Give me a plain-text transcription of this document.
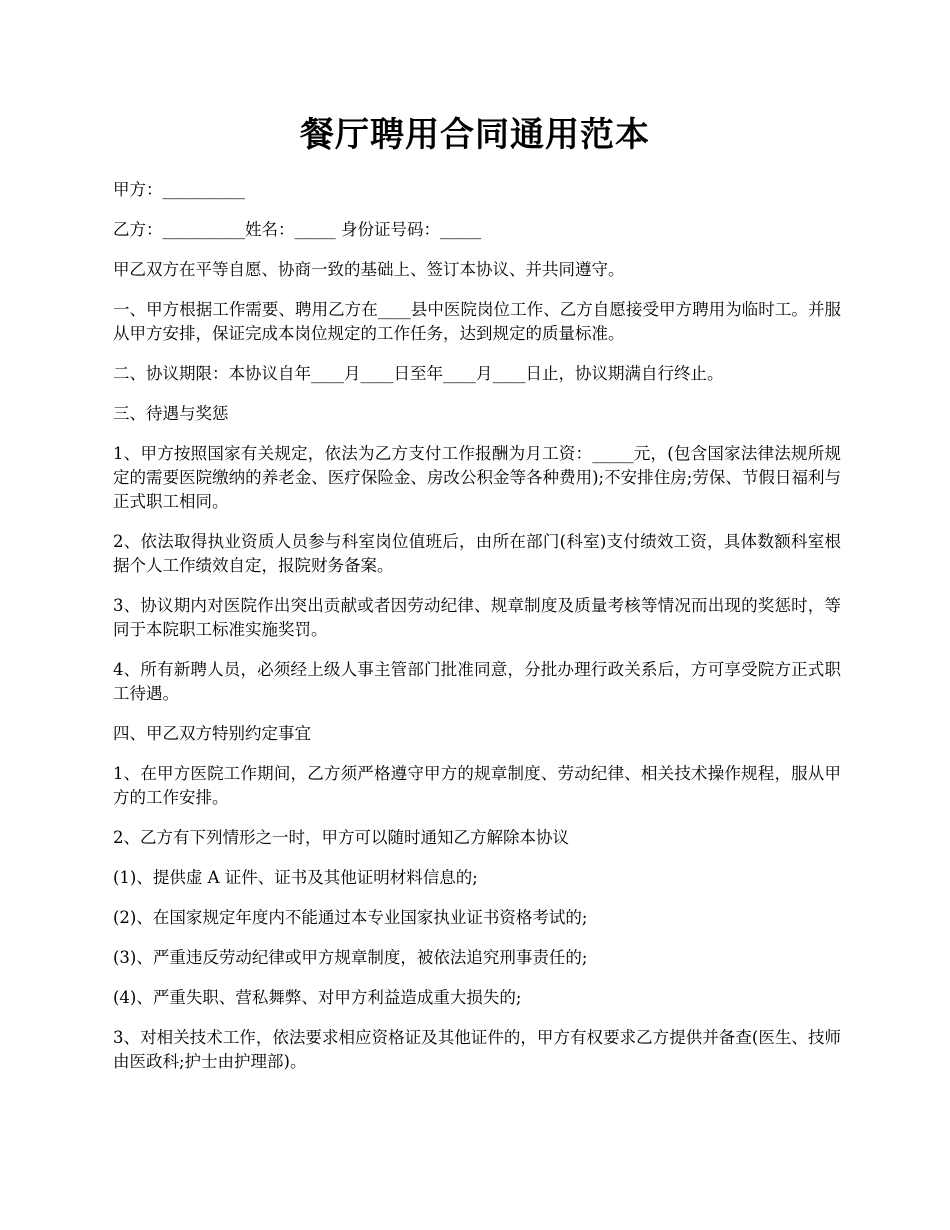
餐厅聘用合同通用范本

甲方：__________

乙方：__________姓名：_____ 身份证号码：_____

甲乙双方在平等自愿、协商一致的基础上、签订本协议、并共同遵守。

一、甲方根据工作需要、聘用乙方在____县中医院岗位工作、乙方自愿接受甲方聘用为临时工。并服从甲方安排，保证完成本岗位规定的工作任务，达到规定的质量标准。

二、协议期限：本协议自年____月____日至年____月____日止，协议期满自行终止。

三、待遇与奖惩

1、甲方按照国家有关规定，依法为乙方支付工作报酬为月工资：_____元，(包含国家法律法规所规定的需要医院缴纳的养老金、医疗保险金、房改公积金等各种费用);不安排住房;劳保、节假日福利与正式职工相同。

2、依法取得执业资质人员参与科室岗位值班后，由所在部门(科室)支付绩效工资，具体数额科室根据个人工作绩效自定，报院财务备案。

3、协议期内对医院作出突出贡献或者因劳动纪律、规章制度及质量考核等情况而出现的奖惩时，等同于本院职工标准实施奖罚。

4、所有新聘人员，必须经上级人事主管部门批准同意，分批办理行政关系后，方可享受院方正式职工待遇。

四、甲乙双方特别约定事宜

1、在甲方医院工作期间，乙方须严格遵守甲方的规章制度、劳动纪律、相关技术操作规程，服从甲方的工作安排。

2、乙方有下列情形之一时，甲方可以随时通知乙方解除本协议

(1)、提供虚 A 证件、证书及其他证明材料信息的;

(2)、在国家规定年度内不能通过本专业国家执业证书资格考试的;

(3)、严重违反劳动纪律或甲方规章制度，被依法追究刑事责任的;

(4)、严重失职、营私舞弊、对甲方利益造成重大损失的;

3、对相关技术工作，依法要求相应资格证及其他证件的，甲方有权要求乙方提供并备查(医生、技师由医政科;护士由护理部)。
